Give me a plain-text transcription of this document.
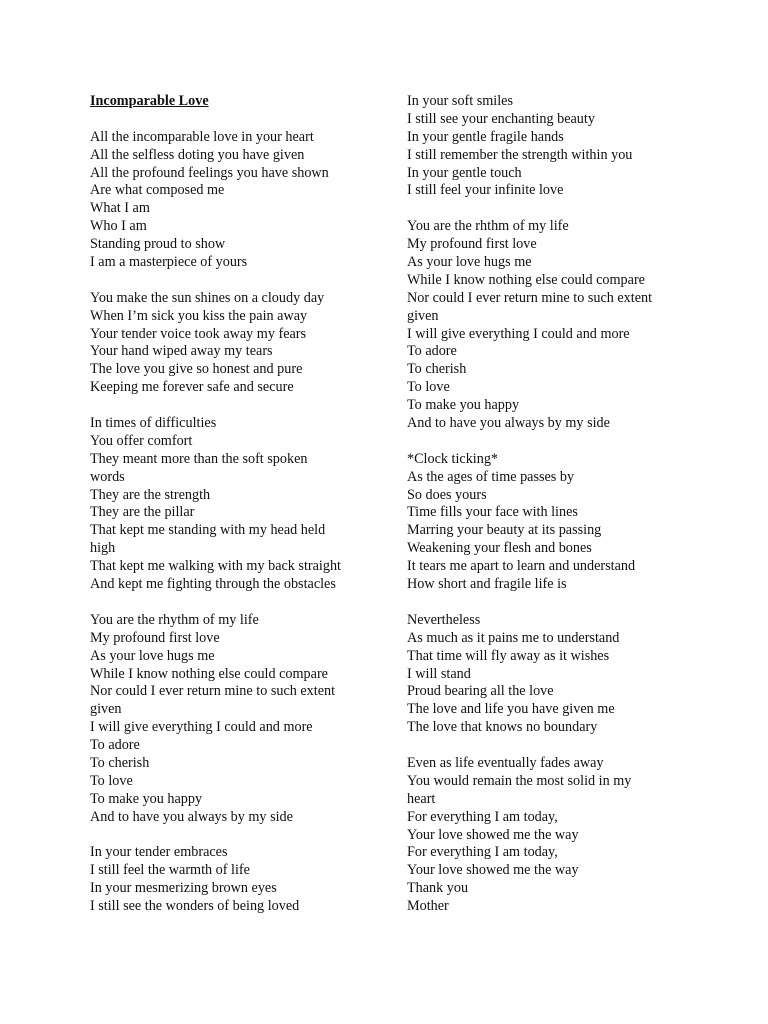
Incomparable Love
All the incomparable love in your heart
All the selfless doting you have given
All the profound feelings you have shown
Are what composed me
What I am
Who I am
Standing proud to show
I am a masterpiece of yours
You make the sun shines on a cloudy day
When I’m sick you kiss the pain away
Your tender voice took away my fears
Your hand wiped away my tears
The love you give so honest and pure
Keeping me forever safe and secure
In times of difficulties
You offer comfort
They meant more than the soft spoken
words
They are the strength
They are the pillar
That kept me standing with my head held
high
That kept me walking with my back straight
And kept me fighting through the obstacles
You are the rhythm of my life
My profound first love
As your love hugs me
While I know nothing else could compare
Nor could I ever return mine to such extent
given
I will give everything I could and more
To adore
To cherish
To love
To make you happy
And to have you always by my side
In your tender embraces
I still feel the warmth of life
In your mesmerizing brown eyes
I still see the wonders of being loved
In your soft smiles
I still see your enchanting beauty
In your gentle fragile hands
I still remember the strength within you
In your gentle touch
I still feel your infinite love
You are the rhthm of my life
My profound first love
As your love hugs me
While I know nothing else could compare
Nor could I ever return mine to such extent
given
I will give everything I could and more
To adore
To cherish
To love
To make you happy
And to have you always by my side
*Clock ticking*
As the ages of time passes by
So does yours
Time fills your face with lines
Marring your beauty at its passing
Weakening your flesh and bones
It tears me apart to learn and understand
How short and fragile life is
Nevertheless
As much as it pains me to understand
That time will fly away as it wishes
I will stand
Proud bearing all the love
The love and life you have given me
The love that knows no boundary
Even as life eventually fades away
You would remain the most solid in my
heart
For everything I am today,
Your love showed me the way
For everything I am today,
Your love showed me the way
Thank you
Mother
